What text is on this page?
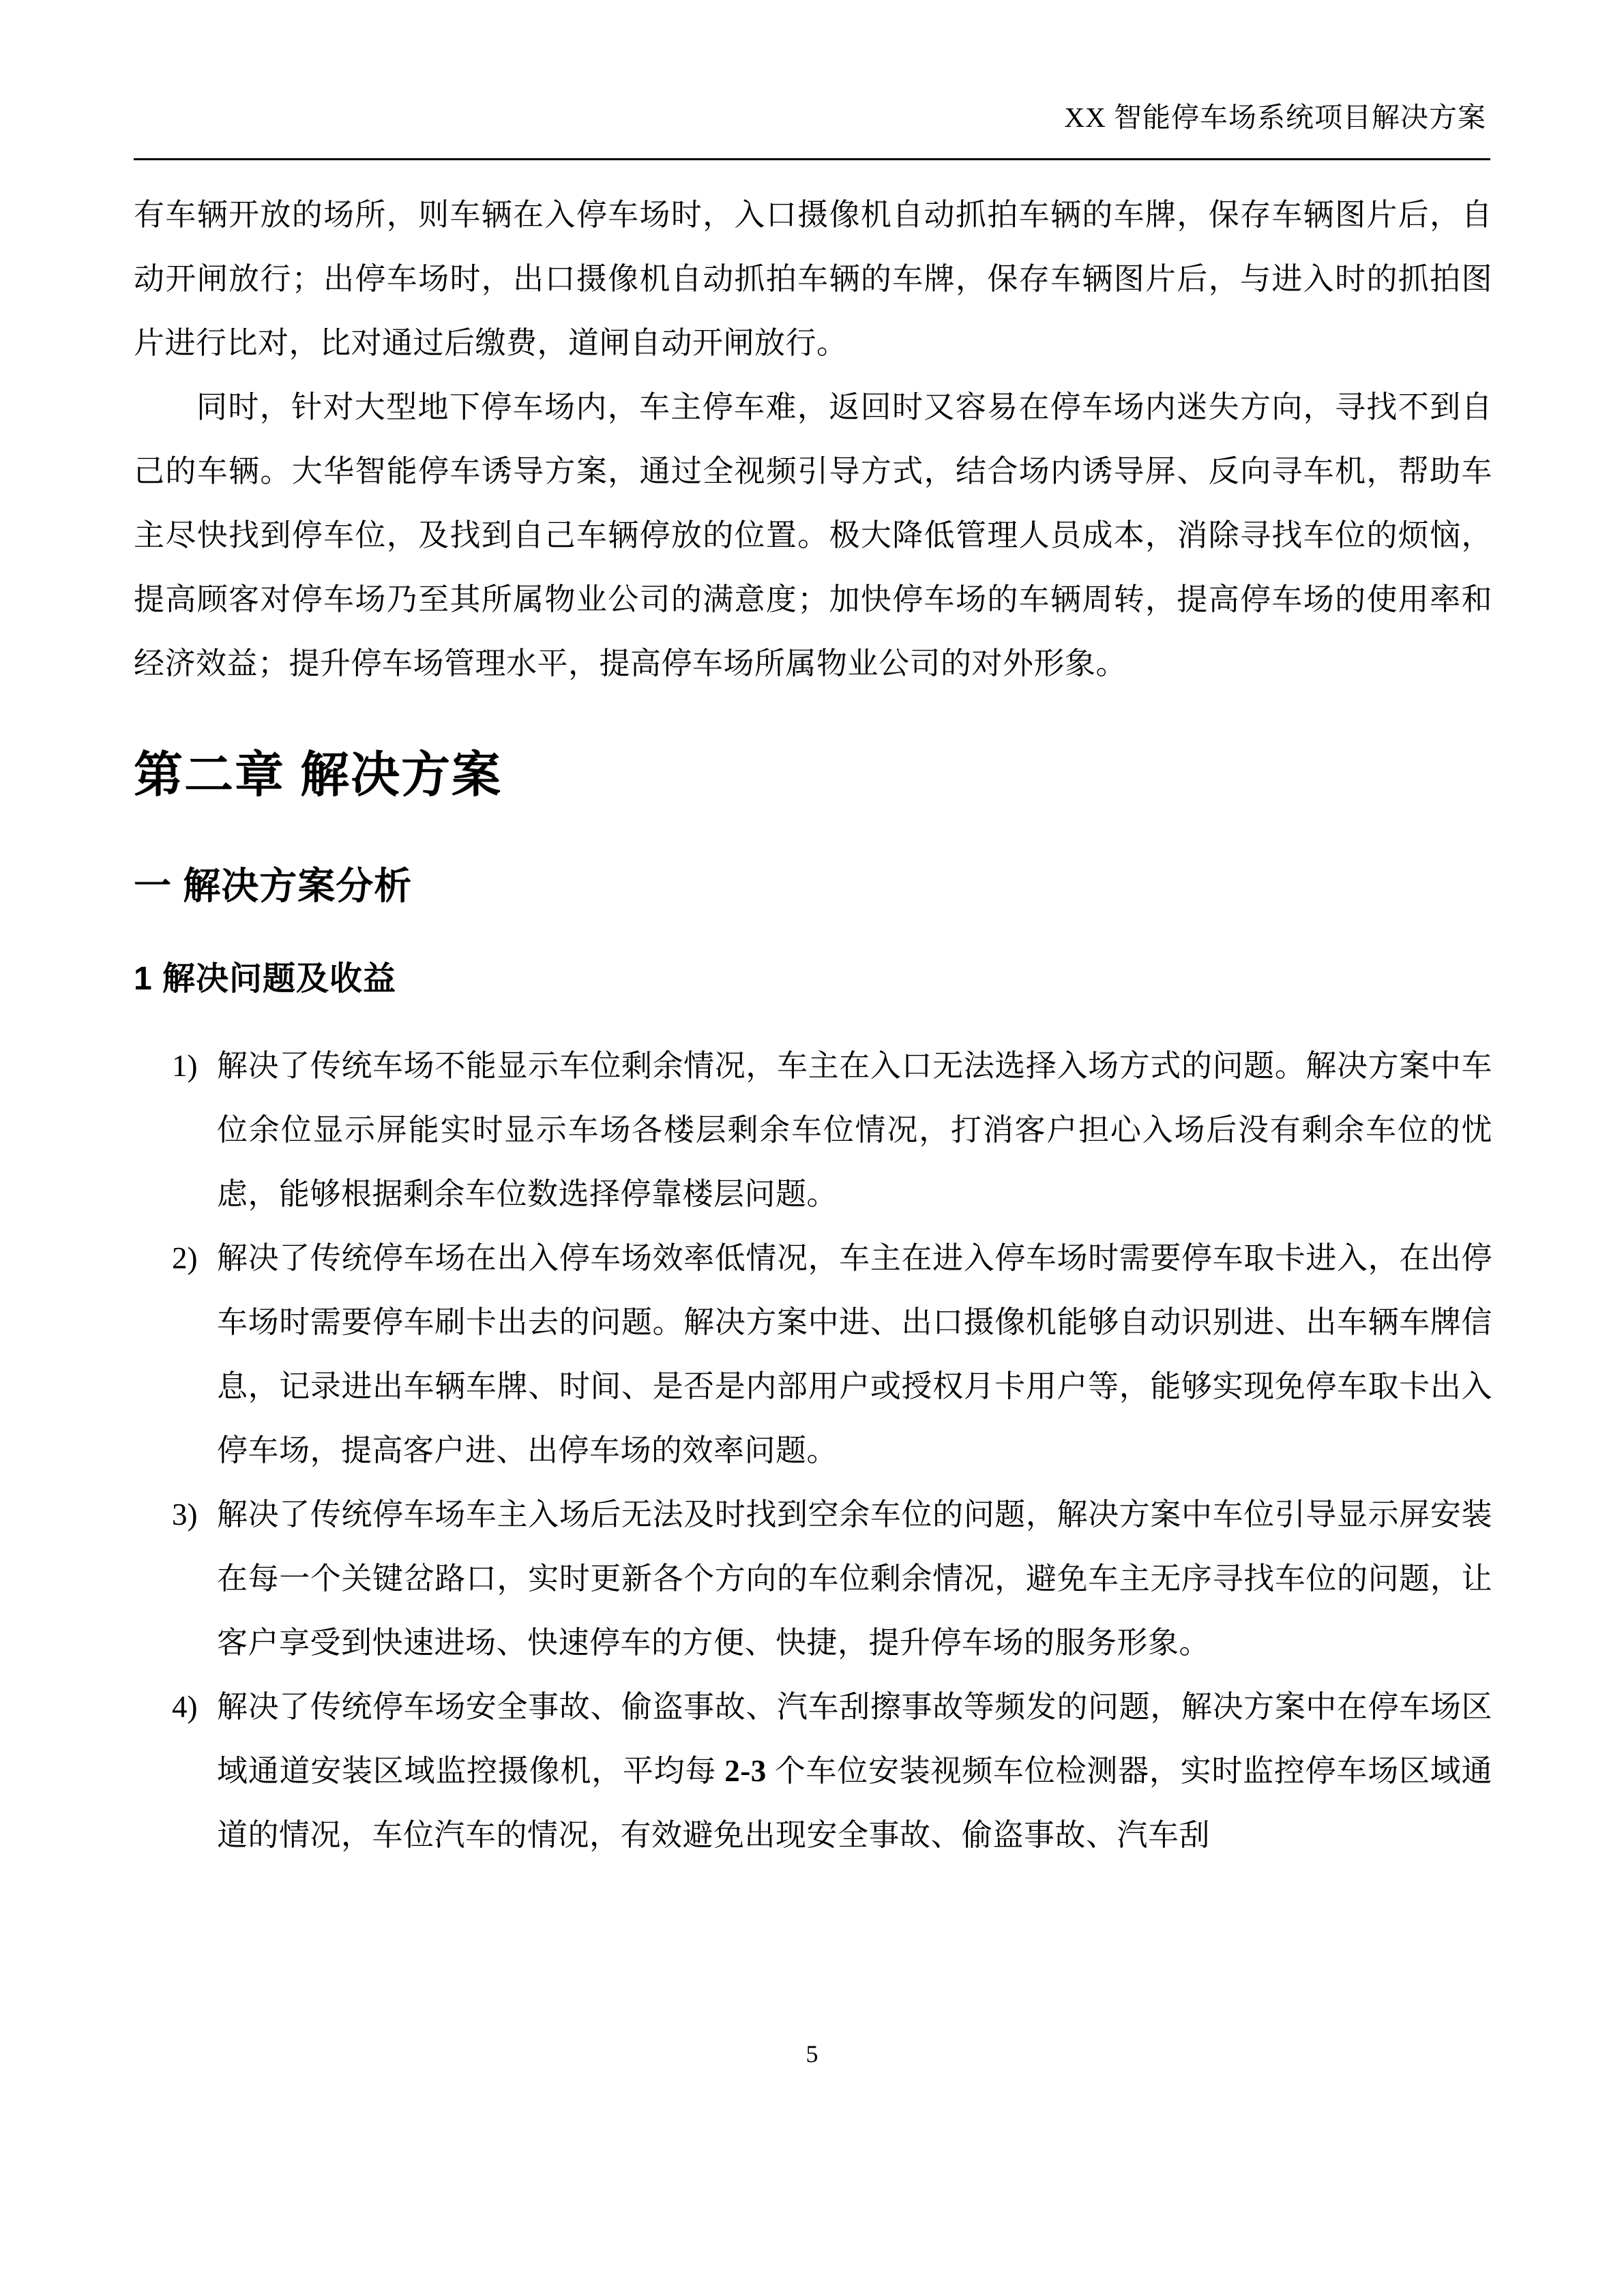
XX 智能停车场系统项目解决方案

有车辆开放的场所，则车辆在入停车场时，入口摄像机自动抓拍车辆的车牌，保存车辆图片后，自动开闸放行；出停车场时，出口摄像机自动抓拍车辆的车牌，保存车辆图片后，与进入时的抓拍图片进行比对，比对通过后缴费，道闸自动开闸放行。

同时，针对大型地下停车场内，车主停车难，返回时又容易在停车场内迷失方向，寻找不到自己的车辆。大华智能停车诱导方案，通过全视频引导方式，结合场内诱导屏、反向寻车机，帮助车主尽快找到停车位，及找到自己车辆停放的位置。极大降低管理人员成本，消除寻找车位的烦恼，提高顾客对停车场乃至其所属物业公司的满意度；加快停车场的车辆周转，提高停车场的使用率和经济效益；提升停车场管理水平，提高停车场所属物业公司的对外形象。

第二章 解决方案
一 解决方案分析
1 解决问题及收益
1) 解决了传统车场不能显示车位剩余情况，车主在入口无法选择入场方式的问题。解决方案中车位余位显示屏能实时显示车场各楼层剩余车位情况，打消客户担心入场后没有剩余车位的忧虑，能够根据剩余车位数选择停靠楼层问题。
2) 解决了传统停车场在出入停车场效率低情况，车主在进入停车场时需要停车取卡进入，在出停车场时需要停车刷卡出去的问题。解决方案中进、出口摄像机能够自动识别进、出车辆车牌信息，记录进出车辆车牌、时间、是否是内部用户或授权月卡用户等，能够实现免停车取卡出入停车场，提高客户进、出停车场的效率问题。
3) 解决了传统停车场车主入场后无法及时找到空余车位的问题，解决方案中车位引导显示屏安装在每一个关键岔路口，实时更新各个方向的车位剩余情况，避免车主无序寻找车位的问题，让客户享受到快速进场、快速停车的方便、快捷，提升停车场的服务形象。
4) 解决了传统停车场安全事故、偷盗事故、汽车刮擦事故等频发的问题，解决方案中在停车场区域通道安装区域监控摄像机，平均每 2-3 个车位安装视频车位检测器，实时监控停车场区域通道的情况，车位汽车的情况，有效避免出现安全事故、偷盗事故、汽车刮
5
